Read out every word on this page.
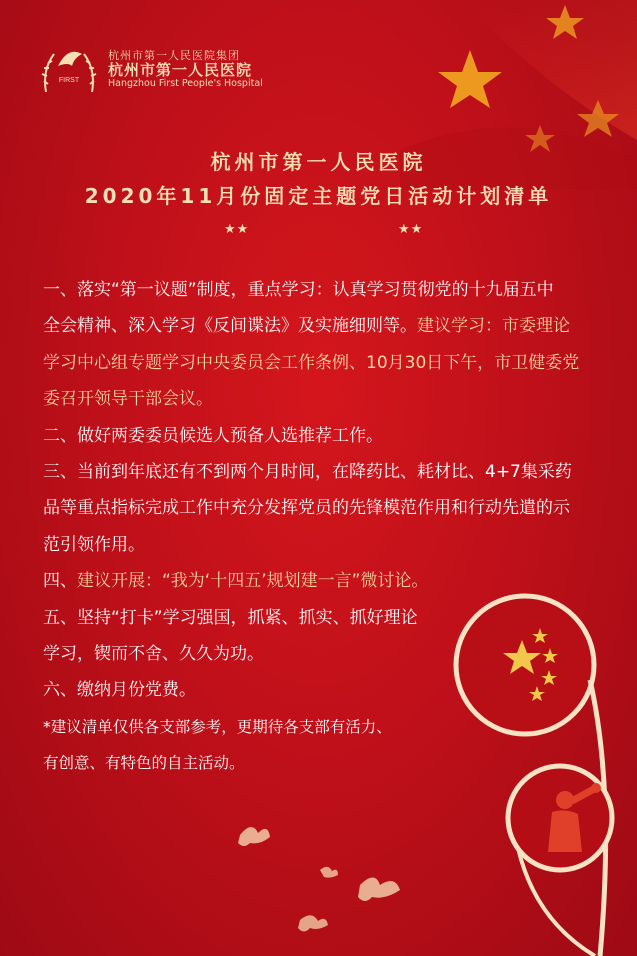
FIRST
杭州市第一人民医院集团
杭州市第一人民医院
Hangzhou First People's Hospital
杭州市第一人民医院
2020年11月份固定主题党日活动计划清单
★★	★★
一、落实“第一议题”制度，重点学习：认真学习贯彻党的十九届五中
全会精神、深入学习《反间谍法》及实施细则等。建议学习：市委理论
学习中心组专题学习中央委员会工作条例、10月30日下午，市卫健委党
委召开领导干部会议。
二、做好两委委员候选人预备人选推荐工作。
三、当前到年底还有不到两个月时间，在降药比、耗材比、4+7集采药
品等重点指标完成工作中充分发挥党员的先锋模范作用和行动先遣的示
范引领作用。
四、建议开展：“我为‘十四五’规划建一言”微讨论。
五、坚持“打卡”学习强国，抓紧、抓实、抓好理论
学习，锲而不舍、久久为功。
六、缴纳月份党费。
*建议清单仅供各支部参考，更期待各支部有活力、
有创意、有特色的自主活动。
